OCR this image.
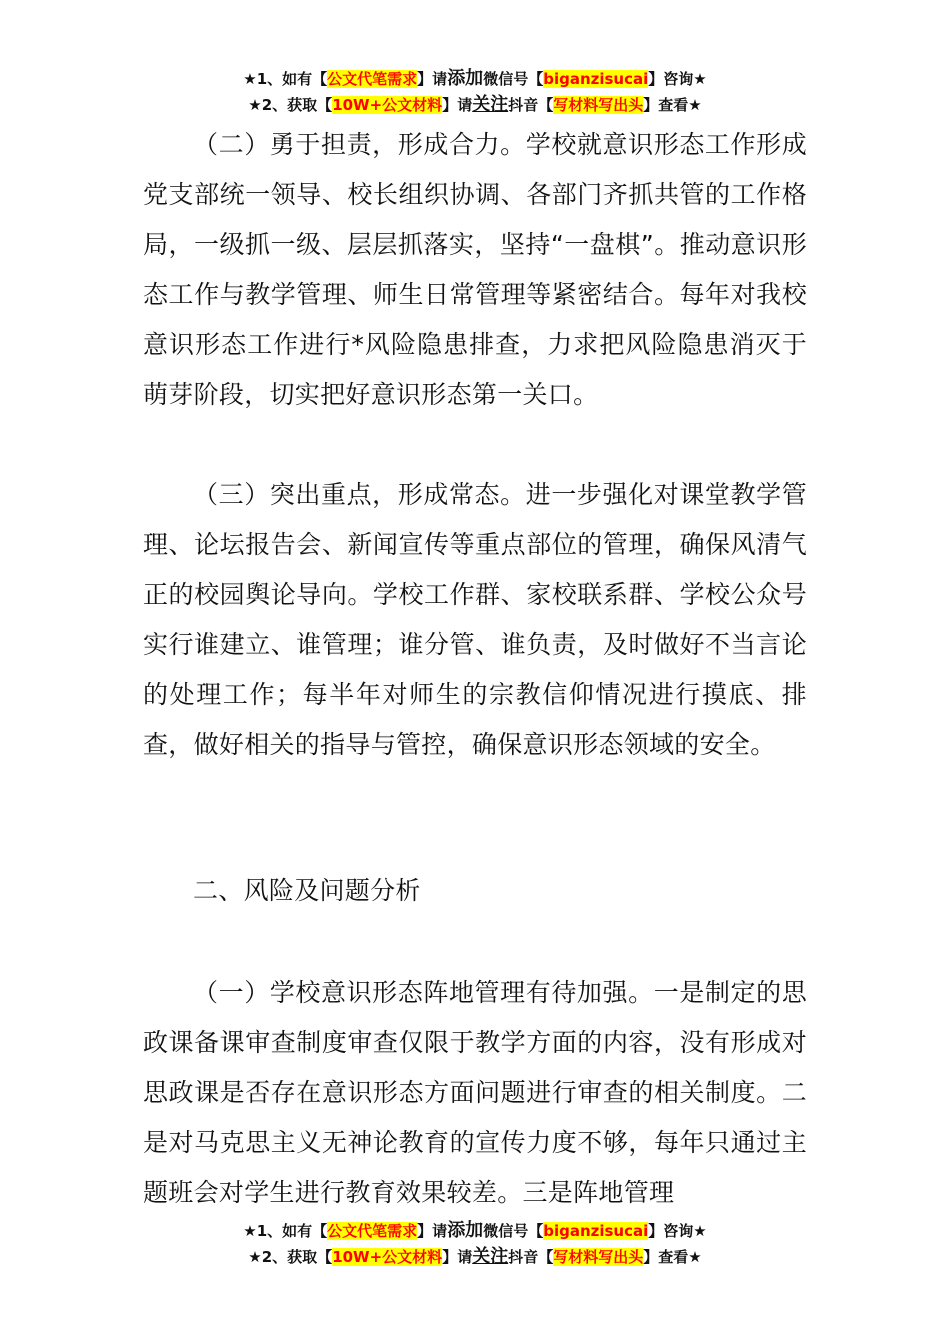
★1、如有【公文代笔需求】请添加微信号【biganzisucai】咨询★
★2、获取【10W+公文材料】请关注抖音【写材料写出头】查看★

（二）勇于担责，形成合力。学校就意识形态工作形成党支部统一领导、校长组织协调、各部门齐抓共管的工作格局，一级抓一级、层层抓落实，坚持“一盘棋”。推动意识形态工作与教学管理、师生日常管理等紧密结合。每年对我校意识形态工作进行*风险隐患排查，力求把风险隐患消灭于萌芽阶段，切实把好意识形态第一关口。

（三）突出重点，形成常态。进一步强化对课堂教学管理、论坛报告会、新闻宣传等重点部位的管理，确保风清气正的校园舆论导向。学校工作群、家校联系群、学校公众号实行谁建立、谁管理；谁分管、谁负责，及时做好不当言论的处理工作；每半年对师生的宗教信仰情况进行摸底、排查，做好相关的指导与管控，确保意识形态领域的安全。

二、风险及问题分析

（一）学校意识形态阵地管理有待加强。一是制定的思政课备课审查制度审查仅限于教学方面的内容，没有形成对思政课是否存在意识形态方面问题进行审查的相关制度。二是对马克思主义无神论教育的宣传力度不够，每年只通过主题班会对学生进行教育效果较差。三是阵地管理

★1、如有【公文代笔需求】请添加微信号【biganzisucai】咨询★
★2、获取【10W+公文材料】请关注抖音【写材料写出头】查看★
